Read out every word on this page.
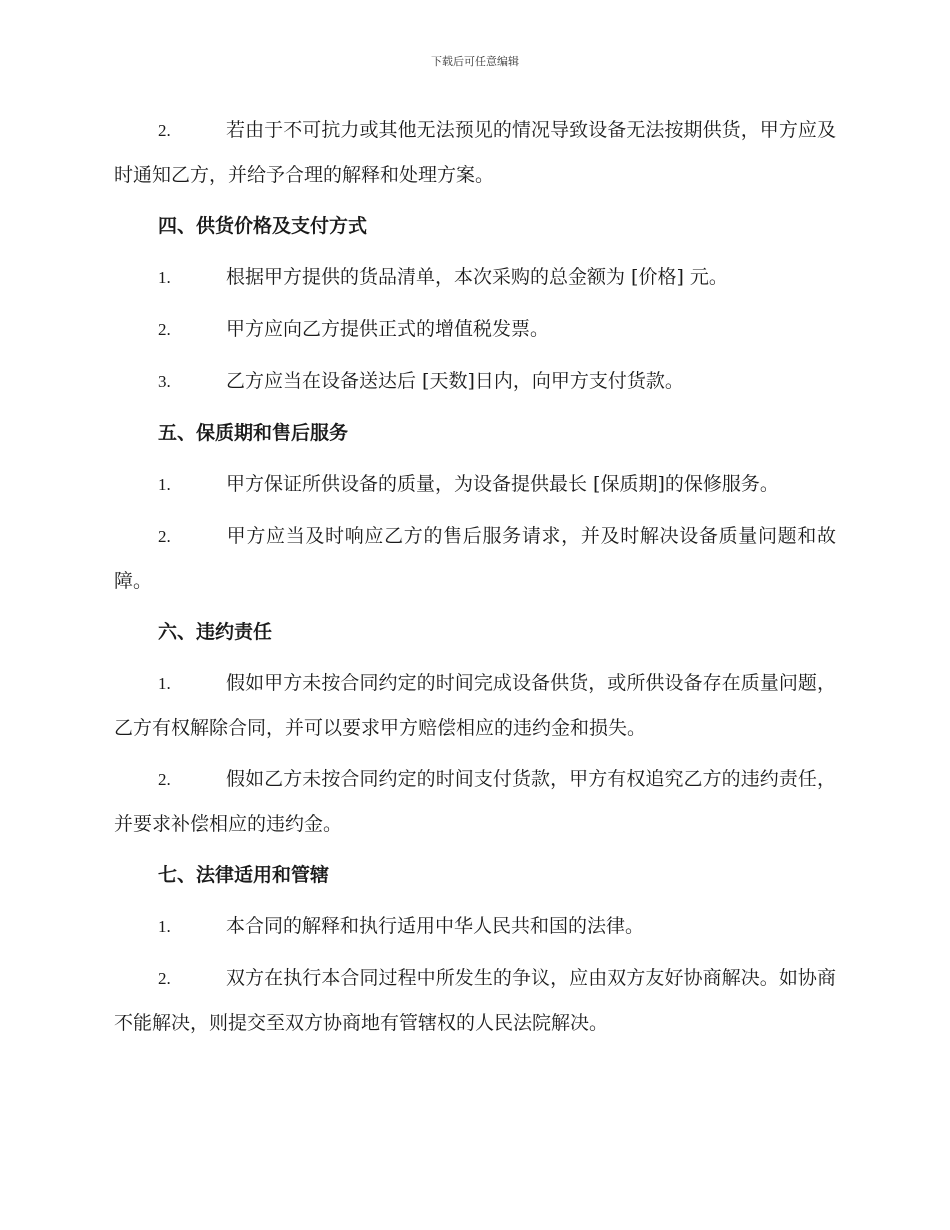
下载后可任意编辑

2.	若由于不可抗力或其他无法预见的情况导致设备无法按期供货，甲方应及时通知乙方，并给予合理的解释和处理方案。

四、供货价格及支付方式

1.	根据甲方提供的货品清单，本次采购的总金额为 [价格] 元。

2.	甲方应向乙方提供正式的增值税发票。

3.	乙方应当在设备送达后 [天数]日内，向甲方支付货款。

五、保质期和售后服务

1.	甲方保证所供设备的质量，为设备提供最长 [保质期]的保修服务。

2.	甲方应当及时响应乙方的售后服务请求，并及时解决设备质量问题和故障。

六、违约责任

1.	假如甲方未按合同约定的时间完成设备供货，或所供设备存在质量问题，乙方有权解除合同，并可以要求甲方赔偿相应的违约金和损失。

2.	假如乙方未按合同约定的时间支付货款，甲方有权追究乙方的违约责任，并要求补偿相应的违约金。

七、法律适用和管辖

1.	本合同的解释和执行适用中华人民共和国的法律。

2.	双方在执行本合同过程中所发生的争议，应由双方友好协商解决。如协商不能解决，则提交至双方协商地有管辖权的人民法院解决。
